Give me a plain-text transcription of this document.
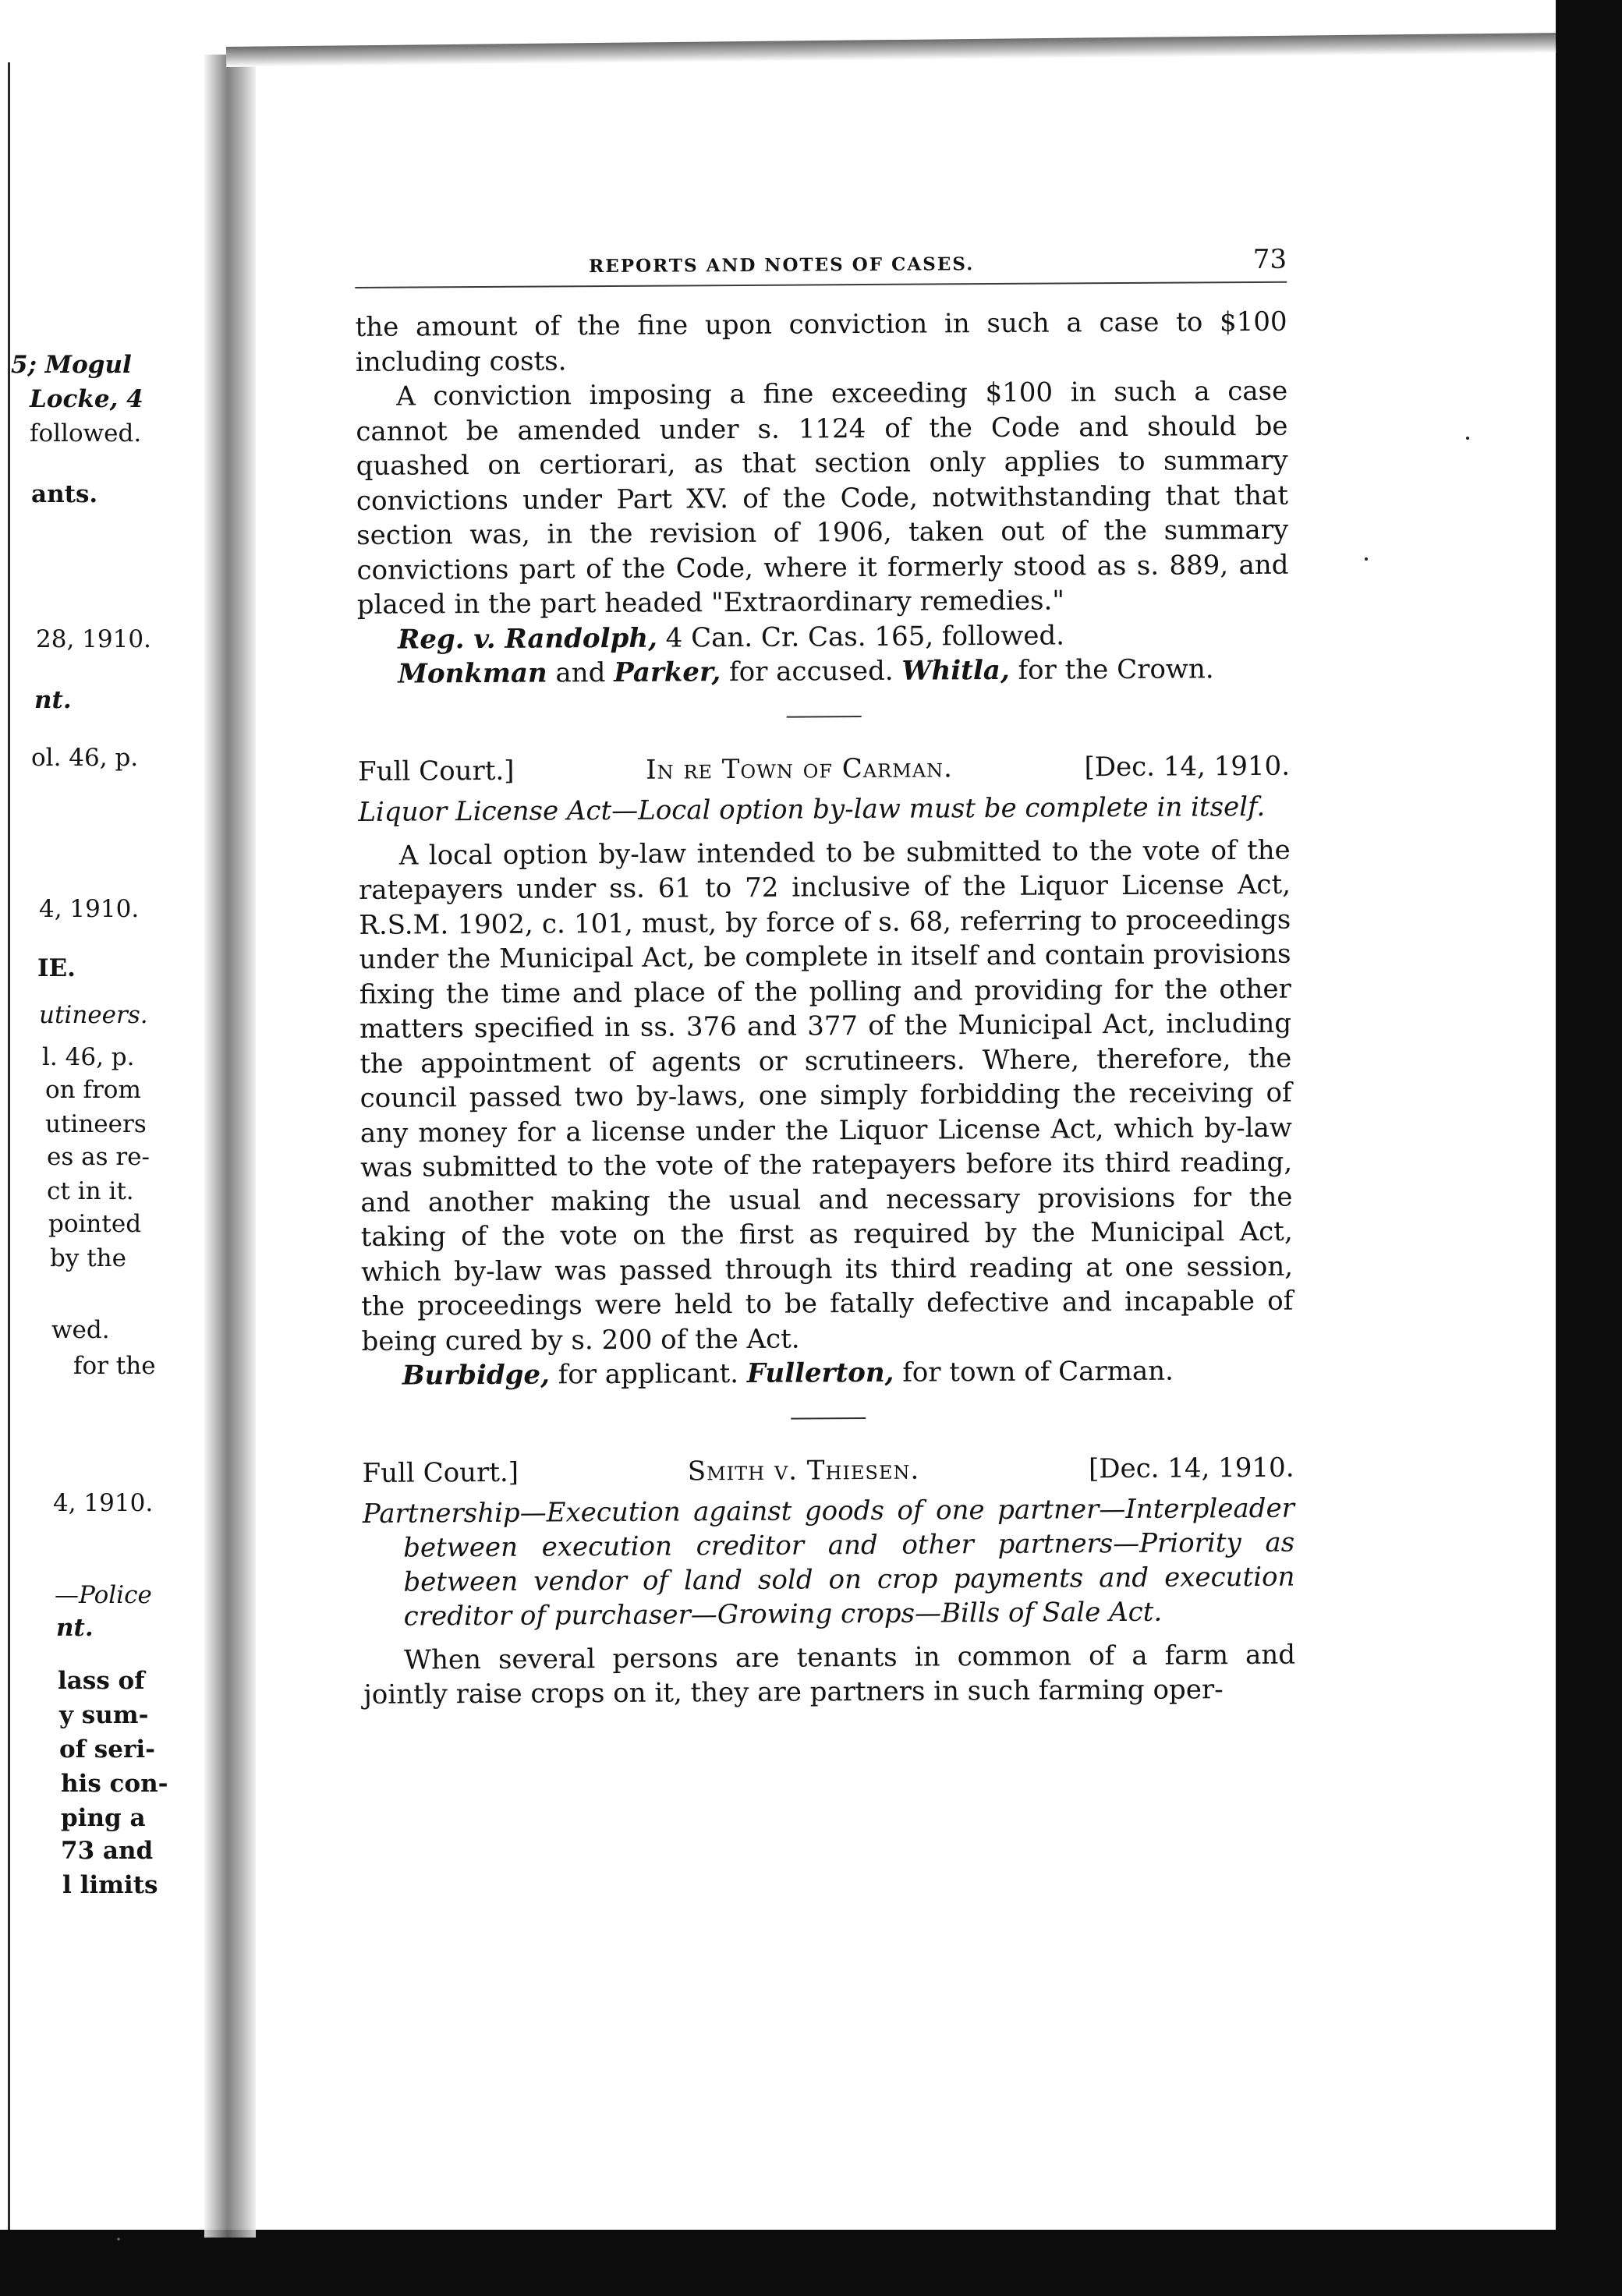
5; Mogul
Locke, 4
followed.
ants.
28, 1910.
nt.
ol. 46, p.
4, 1910.
IE.
utineers.
l. 46, p.
on from
utineers
es as re-
ct in it.
pointed
by the
wed.
for the
4, 1910.
—Police
nt.
lass of
y sum-
of seri-
his con-
ping a
73 and
l limits
REPORTS AND NOTES OF CASES.	73

the amount of the fine upon conviction in such a case to $100 including costs.

A conviction imposing a fine exceeding $100 in such a case cannot be amended under s. 1124 of the Code and should be quashed on certiorari, as that section only applies to summary convictions under Part XV. of the Code, notwithstanding that that section was, in the revision of 1906, taken out of the summary convictions part of the Code, where it formerly stood as s. 889, and placed in the part headed "Extraordinary remedies."

Reg. v. Randolph, 4 Can. Cr. Cas. 165, followed.

Monkman and Parker, for accused. Whitla, for the Crown.

Full Court.]	In re Town of Carman.	[Dec. 14, 1910.
Liquor License Act—Local option by-law must be complete in itself.

A local option by-law intended to be submitted to the vote of the ratepayers under ss. 61 to 72 inclusive of the Liquor License Act, R.S.M. 1902, c. 101, must, by force of s. 68, referring to proceedings under the Municipal Act, be complete in itself and contain provisions fixing the time and place of the polling and providing for the other matters specified in ss. 376 and 377 of the Municipal Act, including the appointment of agents or scrutineers. Where, therefore, the council passed two by-laws, one simply forbidding the receiving of any money for a license under the Liquor License Act, which by-law was submitted to the vote of the ratepayers before its third reading, and another making the usual and necessary provisions for the taking of the vote on the first as required by the Municipal Act, which by-law was passed through its third reading at one session, the proceedings were held to be fatally defective and incapable of being cured by s. 200 of the Act.

Burbidge, for applicant. Fullerton, for town of Carman.

Full Court.]	Smith v. Thiesen.	[Dec. 14, 1910.
Partnership—Execution against goods of one partner—Interpleader between execution creditor and other partners—Priority as between vendor of land sold on crop payments and execution creditor of purchaser—Growing crops—Bills of Sale Act.

When several persons are tenants in common of a farm and jointly raise crops on it, they are partners in such farming oper-
